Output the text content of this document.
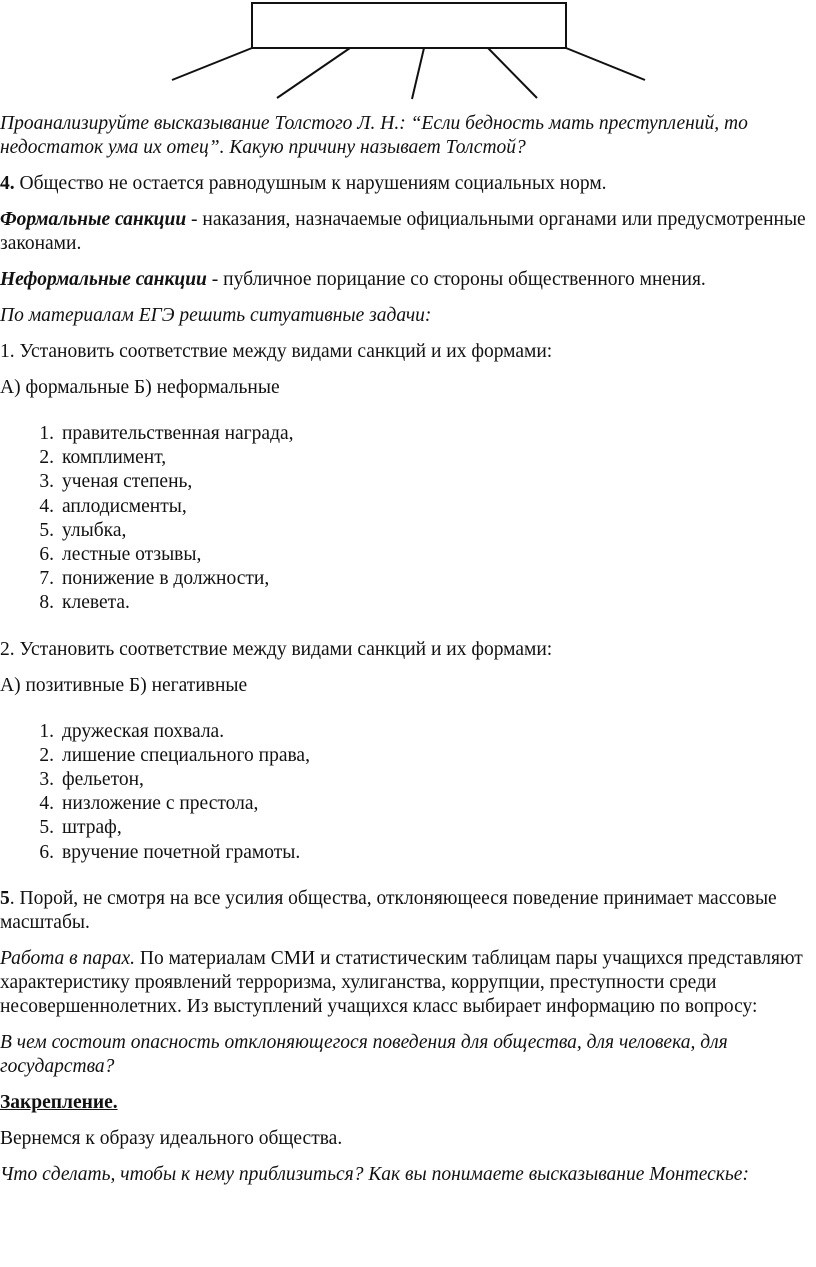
Проанализируйте высказывание Толстого Л. Н.: “Если бедность мать преступлений, то недостаток ума их отец”. Какую причину называет Толстой?

4. Общество не остается равнодушным к нарушениям социальных норм.

Формальные санкции - наказания, назначаемые официальными органами или предусмотренные законами.

Неформальные санкции - публичное порицание со стороны общественного мнения.

По материалам ЕГЭ решить ситуативные задачи:

1. Установить соответствие между видами санкций и их формами:

А) формальные Б) неформальные

1. правительственная награда,
2. комплимент,
3. ученая степень,
4. аплодисменты,
5. улыбка,
6. лестные отзывы,
7. понижение в должности,
8. клевета.

2. Установить соответствие между видами санкций и их формами:

А) позитивные Б) негативные

1. дружеская похвала.
2. лишение специального права,
3. фельетон,
4. низложение с престола,
5. штраф,
6. вручение почетной грамоты.

5. Порой, не смотря на все усилия общества, отклоняющееся поведение принимает массовые масштабы.

Работа в парах. По материалам СМИ и статистическим таблицам пары учащихся представляют характеристику проявлений терроризма, хулиганства, коррупции, преступности среди несовершеннолетних. Из выступлений учащихся класс выбирает информацию по вопросу:

В чем состоит опасность отклоняющегося поведения для общества, для человека, для государства?

Закрепление.

Вернемся к образу идеального общества.

Что сделать, чтобы к нему приблизиться? Как вы понимаете высказывание Монтескье:
